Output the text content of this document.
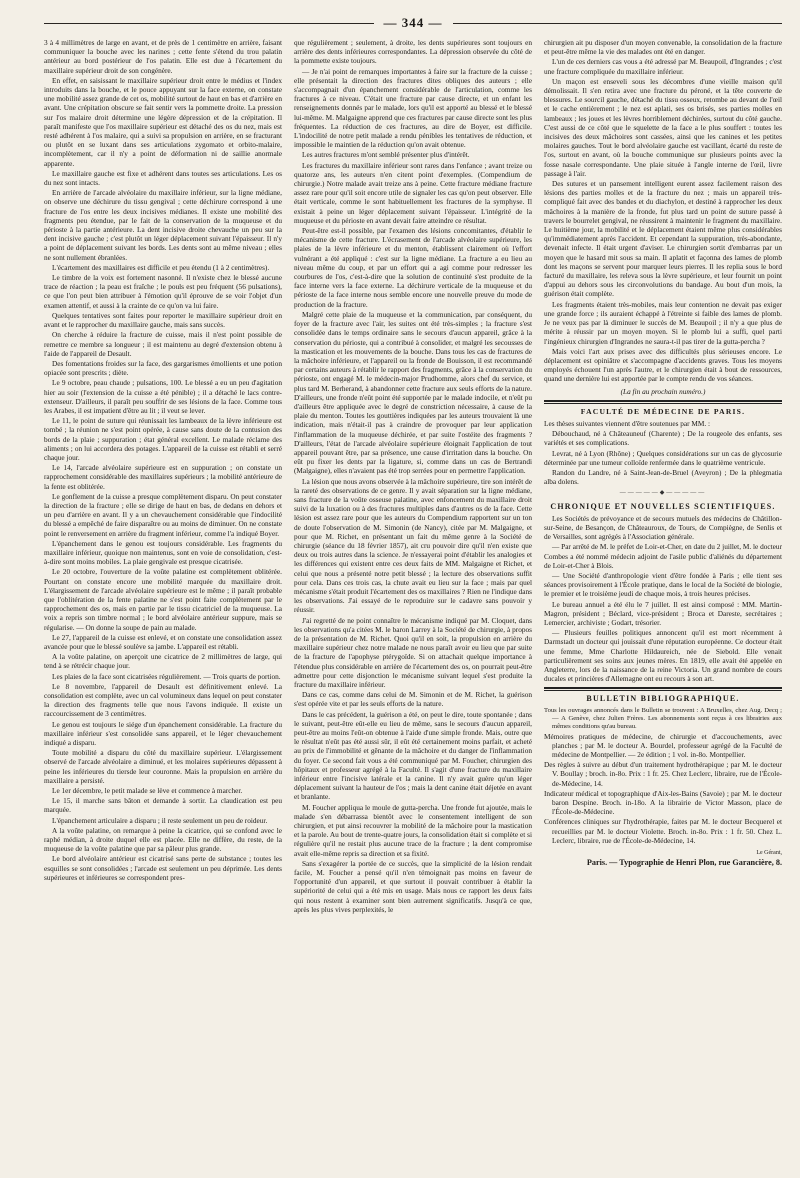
— 344 —

3 à 4 millimètres de large en avant, et de près de 1 centimètre en arrière, faisant communiquer la bouche avec les narines ; cette fente s'étend du trou palatin antérieur au bord postérieur de l'os palatin. Elle est due à l'écartement du maxillaire supérieur droit de son congénère.

En effet, en saisissant le maxillaire supérieur droit entre le médius et l'index introduits dans la bouche, et le pouce appuyant sur la face externe, on constate une mobilité assez grande de cet os, mobilité surtout de haut en bas et d'arrière en avant. Une crépitation obscure se fait sentir vers la pommette droite. La pression sur l'os malaire droit détermine une légère dépression et de la crépitation. Il paraît manifeste que l'os maxillaire supérieur est détaché des os du nez, mais est resté adhérent à l'os malaire, qui a suivi sa propulsion en arrière, en se fracturant ou plutôt en se luxant dans ses articulations zygomato et orbito-malaire, incomplètement, car il n'y a point de déformation ni de saillie anormale apparente.

Le maxillaire gauche est fixe et adhérent dans toutes ses articulations. Les os du nez sont intacts.

En arrière de l'arcade alvéolaire du maxillaire inférieur, sur la ligne médiane, on observe une déchirure du tissu gengival ; cette déchirure correspond à une fracture de l'os entre les deux incisives médianes. Il existe une mobilité des fragments peu étendue, par le fait de la conservation de la muqueuse et du périoste à la partie antérieure. La dent incisive droite chevauche un peu sur la dent incisive gauche ; c'est plutôt un léger déplacement suivant l'épaisseur. Il n'y a point de déplacement suivant les bords. Les dents sont au même niveau ; elles ne sont nullement ébranlées.

L'écartement des maxillaires est difficile et peu étendu (1 à 2 centimètres).

Le timbre de la voix est fortement nasonné. Il n'existe chez le blessé aucune trace de réaction ; la peau est fraîche ; le pouls est peu fréquent (56 pulsations), ce que l'on peut bien attribuer à l'émotion qu'il éprouve de se voir l'objet d'un examen attentif, et aussi à la crainte de ce qu'on va lui faire.

Quelques tentatives sont faites pour reporter le maxillaire supérieur droit en avant et le rapprocher du maxillaire gauche, mais sans succès.

On cherche à réduire la fracture de cuisse, mais il n'est point possible de remettre ce membre sa longueur ; il est maintenu au degré d'extension obtenu à l'aide de l'appareil de Desault.

Des fomentations froides sur la face, des gargarismes émollients et une potion opiacée sont prescrits ; diète.

Le 9 octobre, peau chaude ; pulsations, 100. Le blessé a eu un peu d'agitation hier au soir (l'extension de la cuisse a été pénible) ; il a détaché le lacs contre-extenseur. D'ailleurs, il paraît peu souffrir de ses lésions de la face. Comme tous les Arabes, il est impatient d'être au lit ; il veut se lever.

Le 11, le point de suture qui réunissait les lambeaux de la lèvre inférieure est tombé ; la réunion ne s'est point opérée, à cause sans doute de la contusion des bords de la plaie ; suppuration ; état général excellent. Le malade réclame des aliments ; on lui accordera des potages. L'appareil de la cuisse est rétabli et serré chaque jour.

Le 14, l'arcade alvéolaire supérieure est en suppuration ; on constate un rapprochement considérable des maxillaires supérieurs ; la mobilité antérieure de la fente est oblitérée.

Le gonflement de la cuisse a presque complètement disparu. On peut constater la direction de la fracture ; elle se dirige de haut en bas, de dedans en dehors et un peu d'arrière en avant. Il y a un chevauchement considérable que l'indocilité du blessé a empêché de faire disparaître ou au moins de diminuer. On ne constate point le renversement en arrière du fragment inférieur, comme l'a indiqué Boyer.

L'épanchement dans le genou est toujours considérable. Les fragments du maxillaire inférieur, quoique non maintenus, sont en voie de consolidation, c'est-à-dire sont moins mobiles. La plaie gengivale est presque cicatrisée.

Le 20 octobre, l'ouverture de la voûte palatine est complètement oblitérée. Pourtant on constate encore une mobilité marquée du maxillaire droit. L'élargissement de l'arcade alvéolaire supérieure est le même ; il paraît probable que l'oblitération de la fente palatine ne s'est point faite complètement par le rapprochement des os, mais en partie par le tissu cicatriciel de la muqueuse. La voix a repris son timbre normal ; le bord alvéolaire antérieur suppure, mais se régularise. — On donne la soupe de pain au malade.

Le 27, l'appareil de la cuisse est enlevé, et on constate une consolidation assez avancée pour que le blessé soulève sa jambe. L'appareil est rétabli.

A la voûte palatine, on aperçoit une cicatrice de 2 millimètres de large, qui tend à se rétrécir chaque jour.

Les plaies de la face sont cicatrisées régulièrement. — Trois quarts de portion.

Le 8 novembre, l'appareil de Desault est définitivement enlevé. La consolidation est complète, avec un cal volumineux dans lequel on peut constater la direction des fragments telle que nous l'avons indiquée. Il existe un raccourcissement de 3 centimètres.

Le genou est toujours le siége d'un épanchement considérable. La fracture du maxillaire inférieur s'est consolidée sans appareil, et le léger chevauchement indiqué a disparu.

Toute mobilité a disparu du côté du maxillaire supérieur. L'élargissement observé de l'arcade alvéolaire a diminué, et les molaires supérieures dépassent à peine les inférieures du tiersde leur couronne. Mais la propulsion en arrière du maxillaire a persisté.

Le 1er décembre, le petit malade se lève et commence à marcher.

Le 15, il marche sans bâton et demande à sortir. La claudication est peu marquée.

L'épanchement articulaire a disparu ; il reste seulement un peu de roideur.

A la voûte palatine, on remarque à peine la cicatrice, qui se confond avec le raphé médian, à droite duquel elle est placée. Elle ne diffère, du reste, de la muqueuse de la voûte palatine que par sa pâleur plus grande.

Le bord alvéolaire antérieur est cicatrisé sans perte de substance ; toutes les esquilles se sont consolidées ; l'arcade est seulement un peu déprimée. Les dents supérieures et inférieures se correspondent pres-

que régulièrement ; seulement, à droite, les dents supérieures sont toujours en arrière des dents inférieures correspondantes. La dépression observée du côté de la pommette existe toujours.

— Je n'ai point de remarques importantes à faire sur la fracture de la cuisse ; elle présentait la direction des fractures dites obliques des auteurs ; elle s'accompagnait d'un épanchement considérable de l'articulation, comme les fractures à ce niveau. C'était une fracture par cause directe, et un enfant les renseignements donnés par le malade, lors qu'il est apporté au blessé et le blessé lui-même. M. Malgaigne apprend que ces fractures par cause directe sont les plus fréquentes. La réduction de ces fractures, au dire de Boyer, est difficile. L'indocilité de notre petit malade a rendu pénibles les tentatives de réduction, et impossible le maintien de la réduction qu'on avait obtenue.

Les autres fractures m'ont semblé présenter plus d'intérêt.

Les fractures du maxillaire inférieur sont rares dans l'enfance ; avant treize ou quatorze ans, les auteurs n'en citent point d'exemples. (Compendium de chirurgie.) Notre malade avait treize ans à peine. Cette fracture médiane fracture assez rare pour qu'il soit encore utile de signaler les cas qu'on peut observer. Elle était verticale, comme le sont habituellement les fractures de la symphyse. Il existait à peine un léger déplacement suivant l'épaisseur. L'intégrité de la muqueuse et du périoste en avant devait faire atteindre ce résultat.

Peut-être est-il possible, par l'examen des lésions concomitantes, d'établir le mécanisme de cette fracture. L'écrasement de l'arcade alvéolaire supérieure, les plaies de la lèvre inférieure et du menton, établissent clairement où l'effort vulnérant a été appliqué : c'est sur la ligne médiane. La fracture a eu lieu au niveau même du coup, et par un effort qui a agi comme pour redresser les courbures de l'os, c'est-à-dire que la solution de continuité s'est produite de la face interne vers la face externe. La déchirure verticale de la muqueuse et du périoste de la face interne nous semble encore une nouvelle preuve du mode de production de la fracture.

Malgré cette plaie de la muqueuse et la communication, par conséquent, du foyer de la fracture avec l'air, les suites ont été très-simples ; la fracture s'est consolidée dans le temps ordinaire sans le secours d'aucun appareil, grâce à la conservation du périoste, qui a contribué à consolider, et malgré les secousses de la mastication et les mouvements de la bouche. Dans tous les cas de fractures de la mâchoire inférieure, et l'appareil ou la fronde de Bouisson, il est recommandé par certains auteurs à rétablir le rapport des fragments, grâce à la conservation du périoste, ont engagé M. le médecin-major Prudhomme, alors chef du service, et plus tard M. Berherand, à abandonner cette fracture aux seuls efforts de la nature. D'ailleurs, une fronde n'eût point été supportée par le malade indocile, et n'eût pu d'ailleurs être appliquée avec le degré de constriction nécessaire, à cause de la plaie du menton. Toutes les gouttières indiquées par les auteurs trouvaient là une indication, mais n'était-il pas à craindre de provoquer par leur application l'inflammation de la muqueuse déchirée, et par suite l'ostéite des fragments ? D'ailleurs, l'état de l'arcade alvéolaire supérieure éloignait l'application de tout appareil pouvant être, par sa présence, une cause d'irritation dans la bouche. On eût pu fixer les dents par la ligature, si, comme dans un cas de Bertrandi (Malgaigne), elles n'avaient pas été trop serrées pour en permettre l'application.

La lésion que nous avons observée à la mâchoire supérieure, tire son intérêt de la rareté des observations de ce genre. Il y avait séparation sur la ligne médiane, sans fracture de la voûte osseuse palatine, avec enfoncement du maxillaire droit suivi de la luxation ou à des fractures multiples dans d'autres os de la face. Cette lésion est assez rare pour que les auteurs du Compendium rapportent sur un ton de doute l'observation de M. Simonin (de Nancy), citée par M. Malgaigne, et pour que M. Richet, en présentant un fait du même genre à la Société de chirurgie (séance du 18 février 1857), ait cru pouvoir dire qu'il n'en existe que deux ou trois autres dans la science. Je n'essayerai point d'établir les analogies et les différences qui existent entre ces deux faits de MM. Malgaigne et Richet, et celui que nous a présenté notre petit blessé ; la lecture des observations suffit pour cela. Dans ces trois cas, la chute avait eu lieu sur la face ; mais par quel mécanisme s'était produit l'écartement des os maxillaires ? Rien ne l'indique dans les observations. J'ai essayé de le reproduire sur le cadavre sans pouvoir y réussir.

J'ai regretté de ne point connaître le mécanisme indiqué par M. Cloquet, dans les observations qu'a citées M. le baron Larrey à la Société de chirurgie, à propos de la présentation de M. Richet. Quoi qu'il en soit, la propulsion en arrière du maxillaire supérieur chez notre malade ne nous paraît avoir eu lieu que par suite de la fracture de l'apophyse ptérygoïde. Si on attachait quelque importance à l'étendue plus considérable en arrière de l'écartement des os, on pourrait peut-être admettre pour cette disjonction le mécanisme suivant lequel s'est produite la fracture du maxillaire inférieur.

Dans ce cas, comme dans celui de M. Simonin et de M. Richet, la guérison s'est opérée vite et par les seuls efforts de la nature.

Dans le cas précédent, la guérison a été, on peut le dire, toute spontanée ; dans le suivant, peut-être eût-elle eu lieu de même, sans le secours d'aucun appareil, peut-être au moins l'eût-on obtenue à l'aide d'une simple fronde. Mais, outre que le résultat n'eût pas été aussi sûr, il eût été certainement moins parfait, et acheté au prix de l'immobilité et gênante de la mâchoire et du danger de l'inflammation du foyer. Ce second fait vous a été communiqué par M. Foucher, chirurgien des hôpitaux et professeur agrégé à la Faculté. Il s'agit d'une fracture du maxillaire inférieur entre l'incisive latérale et la canine. Il n'y avait guère qu'un léger déplacement suivant la hauteur de l'os ; mais la dent canine était déjetée en avant et branlante.

M. Foucher appliqua le moule de gutta-percha. Une fronde fut ajoutée, mais le malade s'en débarrassa bientôt avec le consentement intelligent de son chirurgien, et put ainsi recouvrer la mobilité de la mâchoire pour la mastication et la parole. Au bout de trente-quatre jours, la consolidation était si complète et si régulière qu'il ne restait plus aucune trace de la fracture ; la dent compromise avait elle-même repris sa direction et sa fixité.

Sans s'exagérer la portée de ce succès, que la simplicité de la lésion rendait facile, M. Foucher a pensé qu'il n'en témoignait pas moins en faveur de l'opportunité d'un appareil, et que surtout il pouvait contribuer à établir la supériorité de celui qui a été mis en usage. Mais nous ce rapport les deux faits qui nous restent à examiner sont bien autrement significatifs. Jusqu'à ce que, après les plus vives perplexités, le

chirurgien ait pu disposer d'un moyen convenable, la consolidation de la fracture et peut-être même la vie des malades ont été en danger.

L'un de ces derniers cas vous a été adressé par M. Beaupoil, d'Ingrandes ; c'est une fracture compliquée du maxillaire inférieur.

Un maçon est enseveli sous les décombres d'une vieille maison qu'il démolissait. Il s'en retira avec une fracture du péroné, et la tête couverte de blessures. Le sourcil gauche, détaché du tissu osseux, retombe au devant de l'œil et le cache entièrement ; le nez est aplati, ses os brisés, ses parties molles en lambeaux ; les joues et les lèvres horriblement déchirées, surtout du côté gauche. C'est aussi de ce côté que le squelette de la face a le plus souffert : toutes les incisives des deux mâchoires sont cassées, ainsi que les canines et les petites molaires gauches. Tout le bord alvéolaire gauche est vacillant, écarté du reste de l'os, surtout en avant, où la bouche communique sur plusieurs points avec la fosse nasale correspondante. Une plaie située à l'angle interne de l'œil, livre passage à l'air.

Des sutures et un pansement intelligent eurent assez facilement raison des lésions des parties molles et de la fracture du nez ; mais un appareil très-compliqué fait avec des bandes et du diachylon, et destiné à rapprocher les deux mâchoires à la manière de la fronde, fut plus tard un point de suture passé à travers le bourrelet gengival, ne réussirent à maintenir le fragment du maxillaire. Le huitième jour, la mobilité et le déplacement étaient même plus considérables qu'immédiatement après l'accident. Et cependant la suppuration, très-abondante, devenait infecte. Il était urgent d'aviser. Le chirurgien sortit d'embarras par un moyen que le hasard mit sous sa main. Il aplatit et façonna des lames de plomb dont les maçons se servent pour marquer leurs pierres. Il les replia sous le bord facturé du maxillaire, les releva sous la lèvre supérieure, et leur fournit un point d'appui au dehors sous les circonvolutions du bandage. Au bout d'un mois, la guérison était complète.

Les fragments étaient très-mobiles, mais leur contention ne devait pas exiger une grande force ; ils auraient échappé à l'étreinte si faible des lames de plomb. Je ne veux pas par là diminuer le succès de M. Beaupoil ; il n'y a que plus de mérite à réussir par un moyen moyen. Si le plomb lui a suffi, quel parti l'ingénieux chirurgien d'Ingrandes ne saura-t-il pas tirer de la gutta-percha ?

Mais voici l'art aux prises avec des difficultés plus sérieuses encore. Le déplacement est opiniâtre et s'accompagne d'accidents graves. Tous les moyens employés échouent l'un après l'autre, et le chirurgien était à bout de ressources, quand une dernière lui est apportée par le compte rendu de vos séances.

(La fin au prochain numéro.)
FACULTÉ DE MÉDECINE DE PARIS.

Les thèses suivantes viennent d'être soutenues par MM. :

Débouchaud, né à Châteauneuf (Charente) ; De la rougeole des enfants, ses variétés et ses complications.

Levrat, né à Lyon (Rhône) ; Quelques considérations sur un cas de glycosurie déterminée par une tumeur colloïde renfermée dans le quatrième ventricule.

Randon du Landre, né à Saint-Jean-de-Bruel (Aveyron) ; De la phlegmatia alba dolens.

—————◆—————
CHRONIQUE ET NOUVELLES SCIENTIFIQUES.

Les Sociétés de prévoyance et de secours mutuels des médecins de Châtillon-sur-Seine, de Besançon, de Châteauroux, de Tours, de Compiègne, de Senlis et de Versailles, sont agrégés à l'Association générale.

— Par arrêté de M. le préfet de Loir-et-Cher, en date du 2 juillet, M. le docteur Combes a été nommé médecin adjoint de l'asile public d'aliénés du département de Loir-et-Cher à Blois.

— Une Société d'anthropologie vient d'être fondée à Paris ; elle tient ses séances provisoirement à l'École pratique, dans le local de la Société de biologie, le premier et le troisième jeudi de chaque mois, à trois heures précises.

Le bureau annuel a été élu le 7 juillet. Il est ainsi composé : MM. Martin-Magron, président ; Béclard, vice-président ; Broca et Dareste, secrétaires ; Lemercier, archiviste ; Godart, trésorier.

— Plusieurs feuilles politiques annoncent qu'il est mort récemment à Darmstadt un docteur qui jouissait d'une réputation européenne. Ce docteur était une femme, Mme Charlotte Hildaureich, née de Siebold. Elle venait particulièrement ses soins aux jeunes mères. En 1819, elle avait été appelée en Angleterre, lors de la naissance de la reine Victoria. Un grand nombre de cours ducales et princières d'Allemagne ont eu recours à son art.

BULLETIN BIBLIOGRAPHIQUE.

Tous les ouvrages annoncés dans le Bulletin se trouvent : A Bruxelles, chez Aug. Decq ; — A Genève, chez Julien Frères. Les abonnements sont reçus à ces librairies aux mêmes conditions qu'au bureau.

Mémoires pratiques de médecine, de chirurgie et d'accouchements, avec planches ; par M. le docteur A. Bourdel, professeur agrégé de la Faculté de médecine de Montpellier. — 2e édition ; 1 vol. in-8o. Montpellier.

Des règles à suivre au début d'un traitement hydrothérapique ; par M. le docteur V. Boullay ; broch. in-8o. Prix : 1 fr. 25. Chez Leclerc, libraire, rue de l'École-de-Médecine, 14.

Indicateur médical et topographique d'Aix-les-Bains (Savoie) ; par M. le docteur baron Despine. Broch. in-18o. A la librairie de Victor Masson, place de l'École-de-Médecine.

Conférences cliniques sur l'hydrothérapie, faites par M. le docteur Becquerel et recueillies par M. le docteur Violette. Broch. in-8o. Prix : 1 fr. 50. Chez L. Leclerc, libraire, rue de l'École-de-Médecine, 14.

Le Gérant,
Paris. — Typographie de Henri Plon, rue Garancière, 8.
